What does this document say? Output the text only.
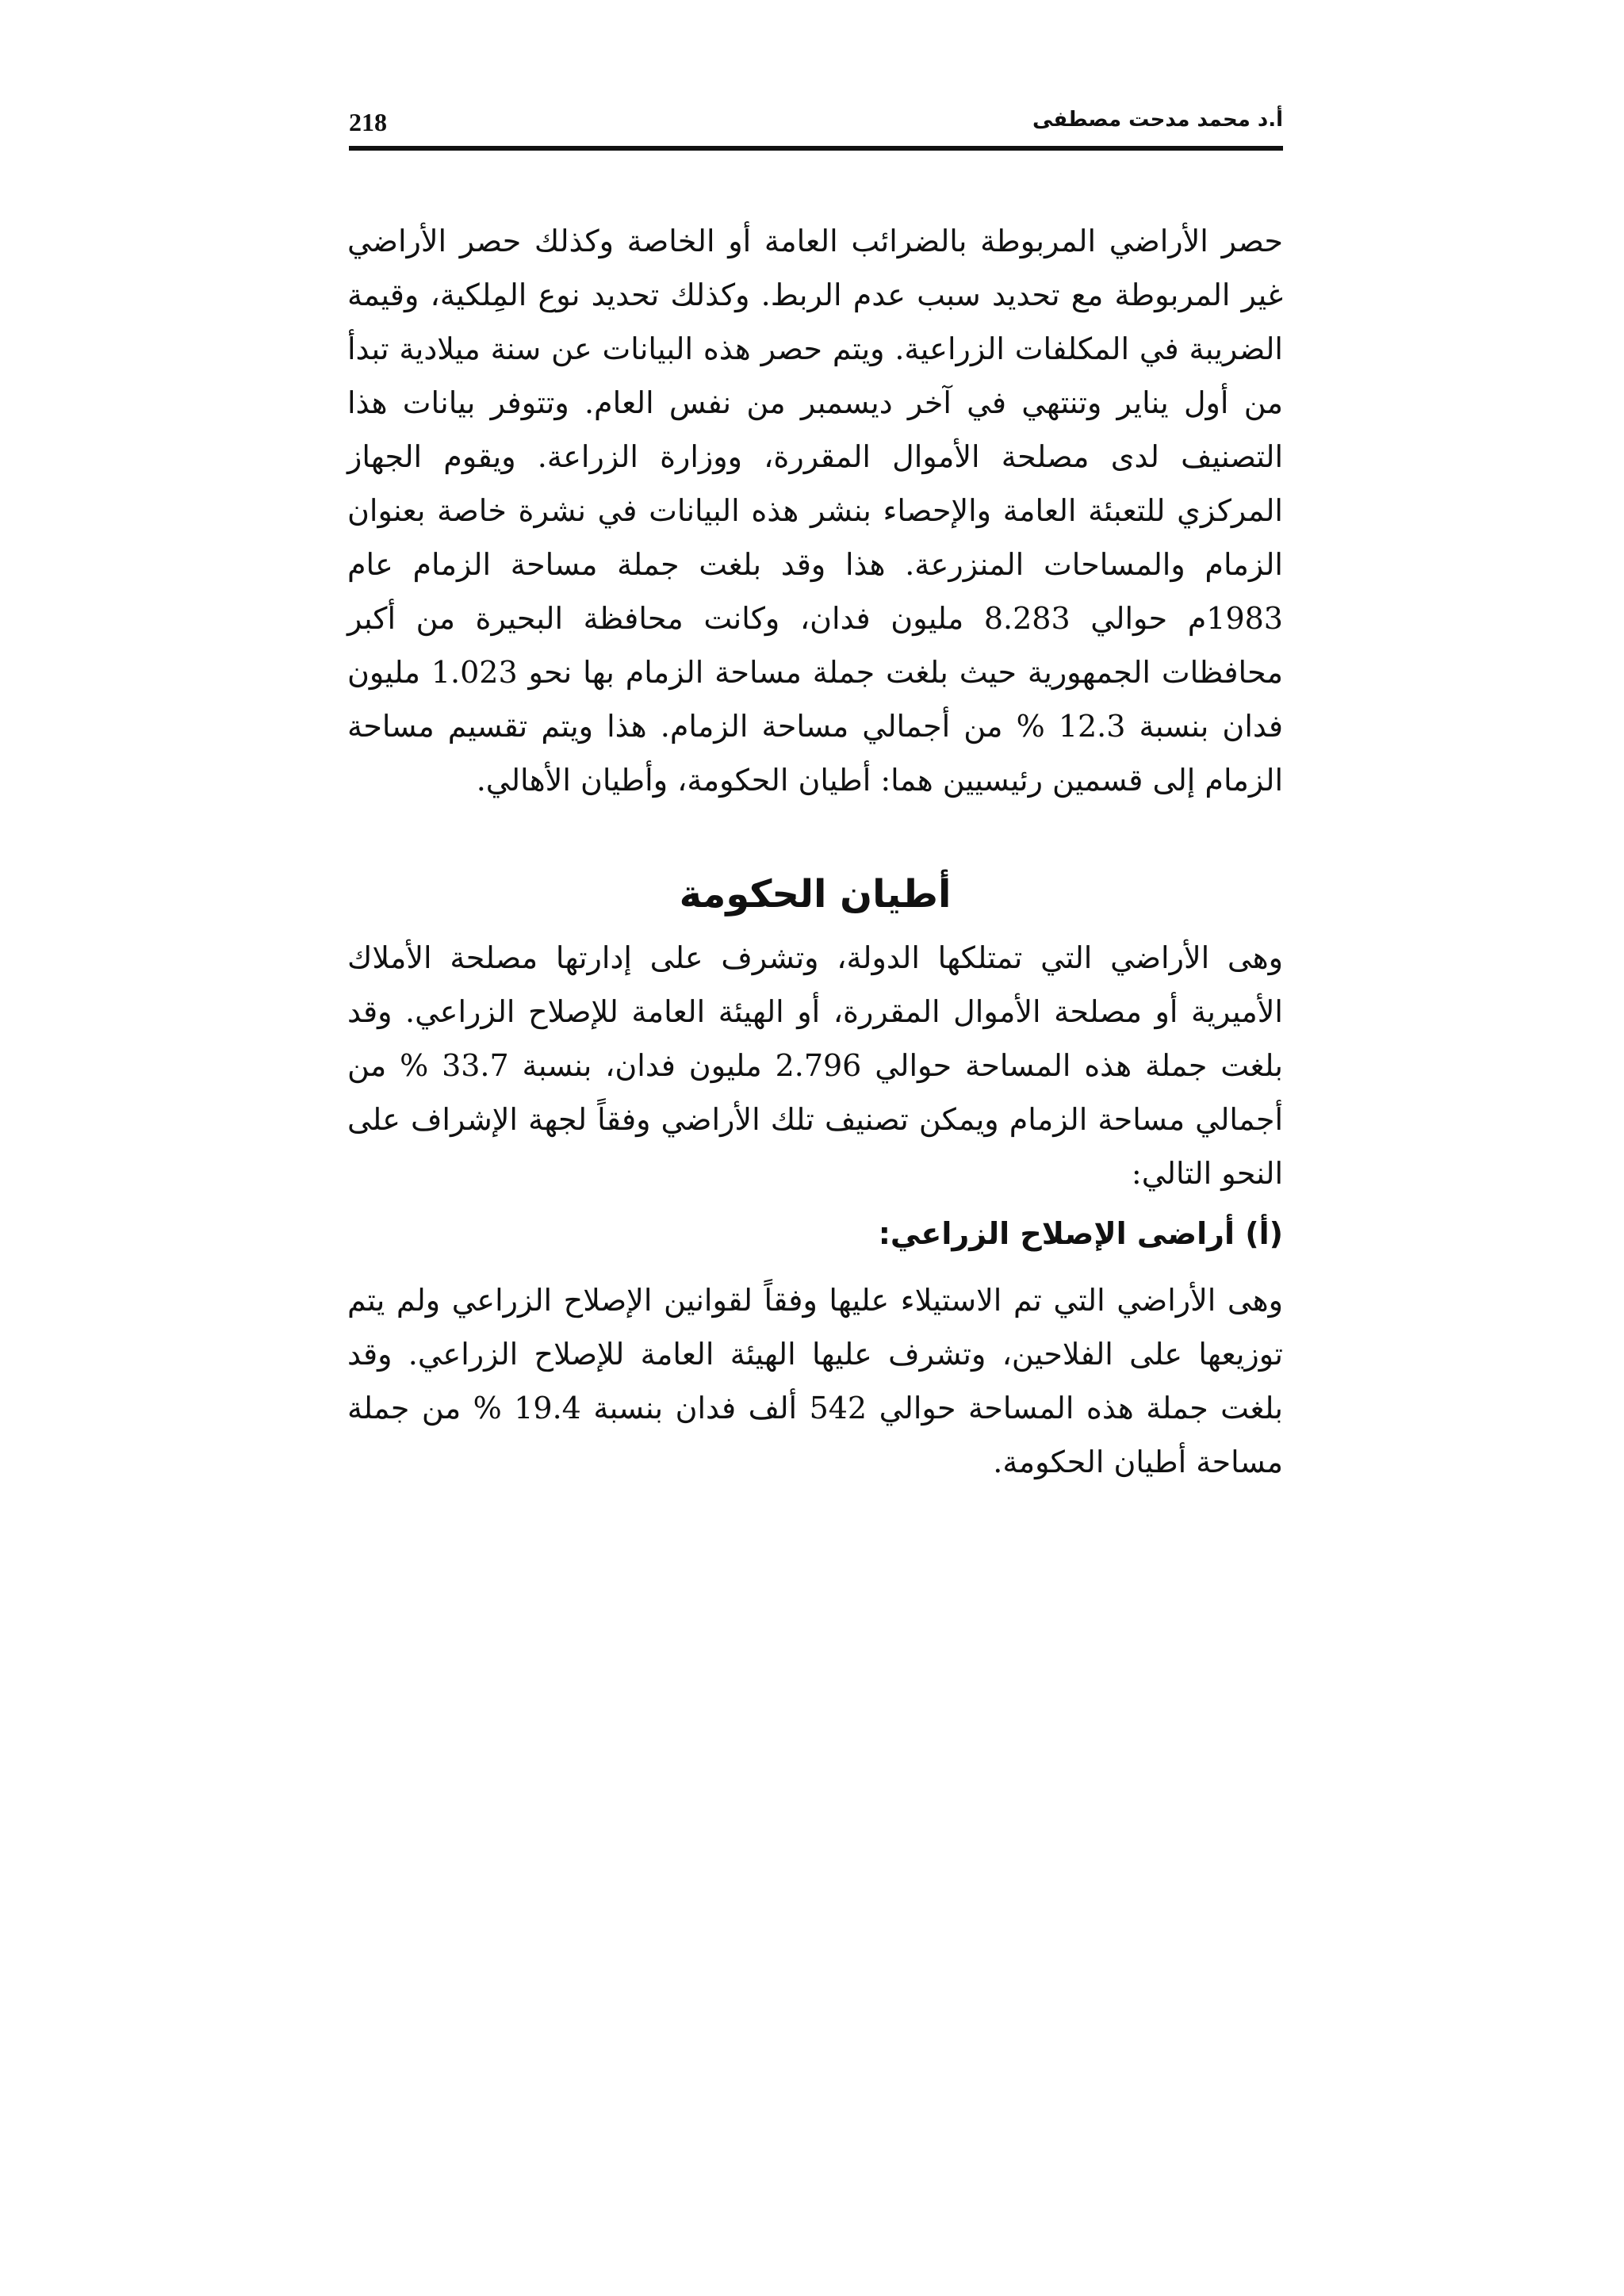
218	أ.د محمد مدحت مصطفى

حصر الأراضي المربوطة بالضرائب العامة أو الخاصة وكذلك حصر الأراضي غير المربوطة مع تحديد سبب عدم الربط. وكذلك تحديد نوع المِلكية، وقيمة الضريبة في المكلفات الزراعية. ويتم حصر هذه البيانات عن سنة ميلادية تبدأ من أول يناير وتنتهي في آخر ديسمبر من نفس العام. وتتوفر بيانات هذا التصنيف لدى مصلحة الأموال المقررة، ووزارة الزراعة. ويقوم الجهاز المركزي للتعبئة العامة والإحصاء بنشر هذه البيانات في نشرة خاصة بعنوان الزمام والمساحات المنزرعة. هذا وقد بلغت جملة مساحة الزمام عام 1983م حوالي 8.283 مليون فدان، وكانت محافظة البحيرة من أكبر محافظات الجمهورية حيث بلغت جملة مساحة الزمام بها نحو 1.023 مليون فدان بنسبة 12.3 % من أجمالي مساحة الزمام. هذا ويتم تقسيم مساحة الزمام إلى قسمين رئيسيين هما: أطيان الحكومة، وأطيان الأهالي.

أطيان الحكومة

وهى الأراضي التي تمتلكها الدولة، وتشرف على إدارتها مصلحة الأملاك الأميرية أو مصلحة الأموال المقررة، أو الهيئة العامة للإصلاح الزراعي. وقد بلغت جملة هذه المساحة حوالي 2.796 مليون فدان، بنسبة 33.7 % من أجمالي مساحة الزمام ويمكن تصنيف تلك الأراضي وفقاً لجهة الإشراف على النحو التالي:

(أ) أراضى الإصلاح الزراعي:

وهى الأراضي التي تم الاستيلاء عليها وفقاً لقوانين الإصلاح الزراعي ولم يتم توزيعها على الفلاحين، وتشرف عليها الهيئة العامة للإصلاح الزراعي. وقد بلغت جملة هذه المساحة حوالي 542 ألف فدان بنسبة 19.4 % من جملة مساحة أطيان الحكومة.
